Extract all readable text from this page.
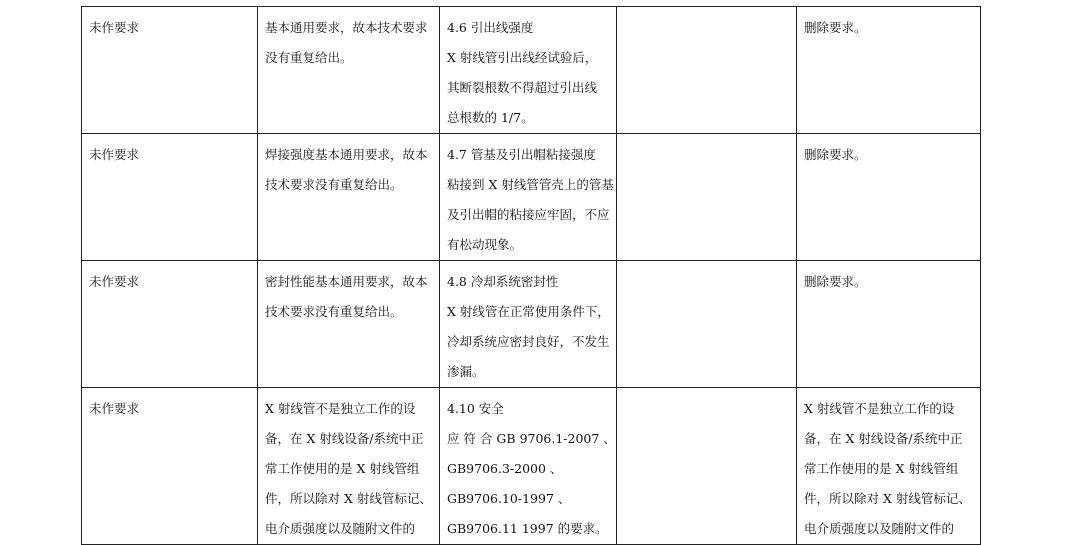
未作要求	基本通用要求，故本技术要求
没有重复给出。	4.6 引出线强度
X 射线管引出线经试验后，
其断裂根数不得超过引出线
总根数的 1/7。		删除要求。

未作要求	焊接强度基本通用要求，故本
技术要求没有重复给出。	4.7 管基及引出帽粘接强度
粘接到 X 射线管管壳上的管基
及引出帽的粘接应牢固，不应
有松动现象。		删除要求。

未作要求	密封性能基本通用要求，故本
技术要求没有重复给出。	4.8 冷却系统密封性
X 射线管在正常使用条件下，
冷却系统应密封良好，不发生
渗漏。		删除要求。

未作要求	X 射线管不是独立工作的设
备，在 X 射线设备/系统中正
常工作使用的是 X 射线管组
件，所以除对 X 射线管标记、
电介质强度以及随附文件的	4.10 安全
应 符 合 GB 9706.1-2007 、
GB9706.3-2000 、
GB9706.10-1997 、
GB9706.11 1997 的要求。		X 射线管不是独立工作的设
备，在 X 射线设备/系统中正
常工作使用的是 X 射线管组
件，所以除对 X 射线管标记、
电介质强度以及随附文件的
